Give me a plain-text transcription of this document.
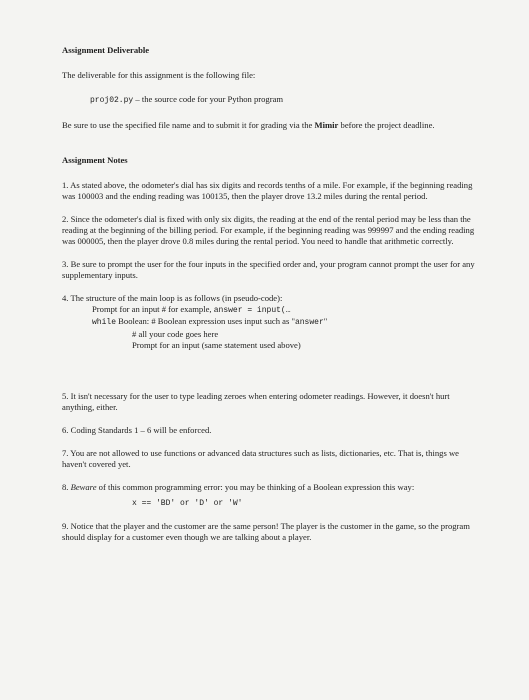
Assignment Deliverable
The deliverable for this assignment is the following file:
proj02.py – the source code for your Python program
Be sure to use the specified file name and to submit it for grading via the Mimir before the project deadline.
Assignment Notes
1. As stated above, the odometer's dial has six digits and records tenths of a mile. For example, if the beginning reading was 100003 and the ending reading was 100135, then the player drove 13.2 miles during the rental period.
2. Since the odometer's dial is fixed with only six digits, the reading at the end of the rental period may be less than the reading at the beginning of the billing period. For example, if the beginning reading was 999997 and the ending reading was 000005, then the player drove 0.8 miles during the rental period. You need to handle that arithmetic correctly.
3. Be sure to prompt the user for the four inputs in the specified order and, your program cannot prompt the user for any supplementary inputs.
4. The structure of the main loop is as follows (in pseudo-code):
Prompt for an input # for example, answer = input(…
while Boolean: # Boolean expression uses input such as "answer"
# all your code goes here
Prompt for an input (same statement used above)
5. It isn't necessary for the user to type leading zeroes when entering odometer readings. However, it doesn't hurt anything, either.
6. Coding Standards 1 – 6 will be enforced.
7. You are not allowed to use functions or advanced data structures such as lists, dictionaries, etc. That is, things we haven't covered yet.
8. Beware of this common programming error: you may be thinking of a Boolean expression this way:
x == 'BD' or 'D' or 'W'
9. Notice that the player and the customer are the same person! The player is the customer in the game, so the program should display for a customer even though we are talking about a player.
